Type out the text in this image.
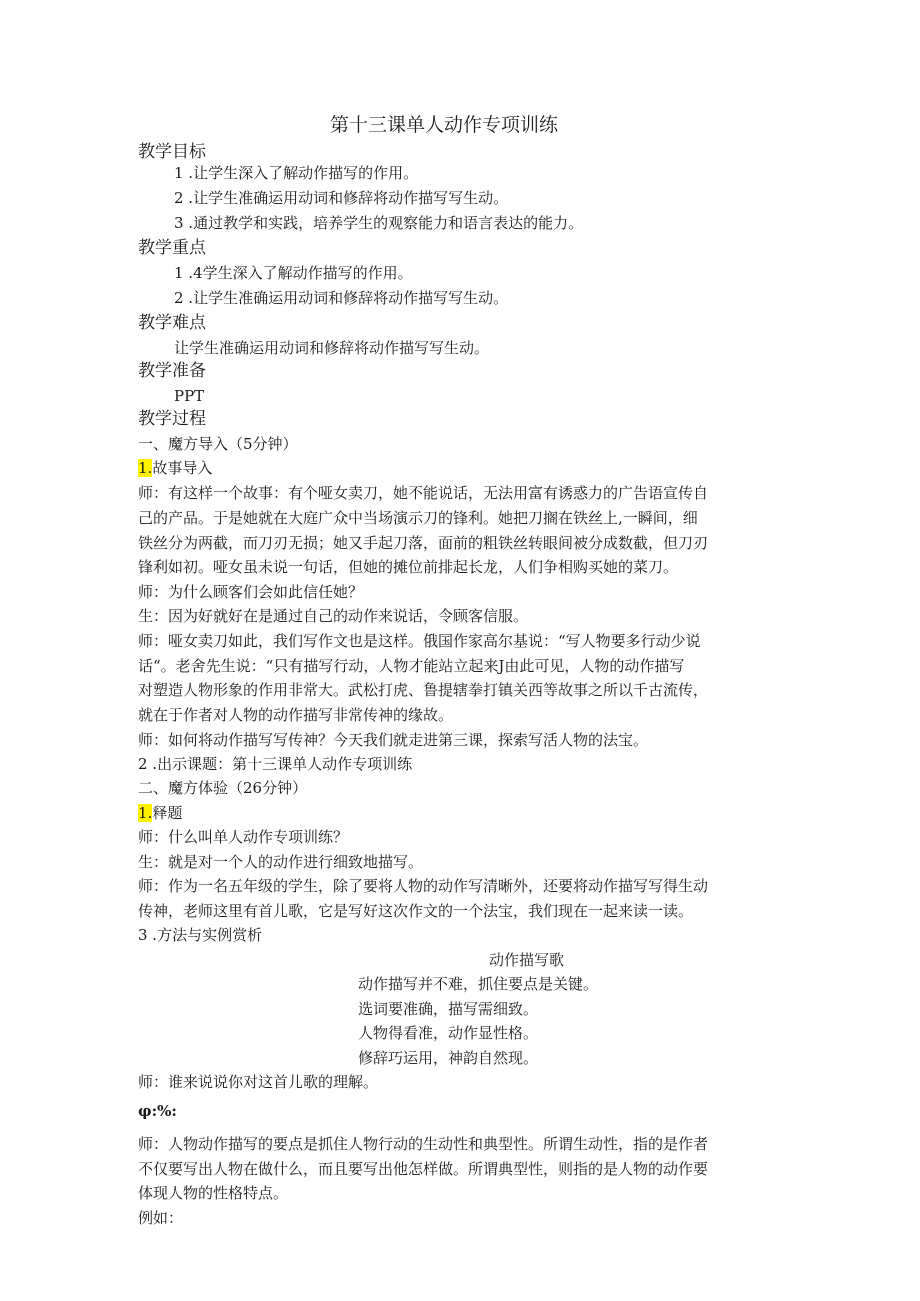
第十三课单人动作专项训练
教学目标
1 .让学生深入了解动作描写的作用。
2 .让学生准确运用动词和修辞将动作描写写生动。
3 .通过教学和实践，培养学生的观察能力和语言表达的能力。
教学重点
1 .4学生深入了解动作描写的作用。
2 .让学生准确运用动词和修辞将动作描写写生动。
教学难点
让学生准确运用动词和修辞将动作描写写生动。
教学准备
PPT
教学过程
一、魔方导入（5分钟）
1.故事导入
师：有这样一个故事：有个哑女卖刀，她不能说话，无法用富有诱惑力的广告语宣传自
己的产品。于是她就在大庭广众中当场演示刀的锋利。她把刀搁在铁丝上,一瞬间，细
铁丝分为两截，而刀刃无损；她又手起刀落，面前的粗铁丝转眼间被分成数截，但刀刃
锋利如初。哑女虽未说一句话，但她的摊位前排起长龙，人们争相购买她的菜刀。
师：为什么顾客们会如此信任她？
生：因为好就好在是通过自己的动作来说话，令顾客信服。
师：哑女卖刀如此，我们写作文也是这样。俄国作家高尔基说：“写人物要多行动少说
话“。老舍先生说：“只有描写行动，人物才能站立起来J由此可见，人物的动作描写
对塑造人物形象的作用非常大。武松打虎、鲁提辖拳打镇关西等故事之所以千古流传，
就在于作者对人物的动作描写非常传神的缘故。
师：如何将动作描写写传神？今天我们就走进第三课，探索写活人物的法宝。
2 .出示课题：第十三课单人动作专项训练
二、魔方体验（26分钟）
1.释题
师：什么叫单人动作专项训练？
生：就是对一个人的动作进行细致地描写。
师：作为一名五年级的学生，除了要将人物的动作写清晰外，还要将动作描写写得生动
传神，老师这里有首儿歌，它是写好这次作文的一个法宝，我们现在一起来读一读。
3 .方法与实例赏析
动作描写歌
动作描写并不难，抓住要点是关键。
选词要准确，描写需细致。
人物得看准，动作显性格。
修辞巧运用，神韵自然现。
师：谁来说说你对这首儿歌的理解。
φ:%:
师：人物动作描写的要点是抓住人物行动的生动性和典型性。所谓生动性，指的是作者
不仅要写出人物在做什么，而且要写出他怎样做。所谓典型性，则指的是人物的动作要
体现人物的性格特点。
例如：
